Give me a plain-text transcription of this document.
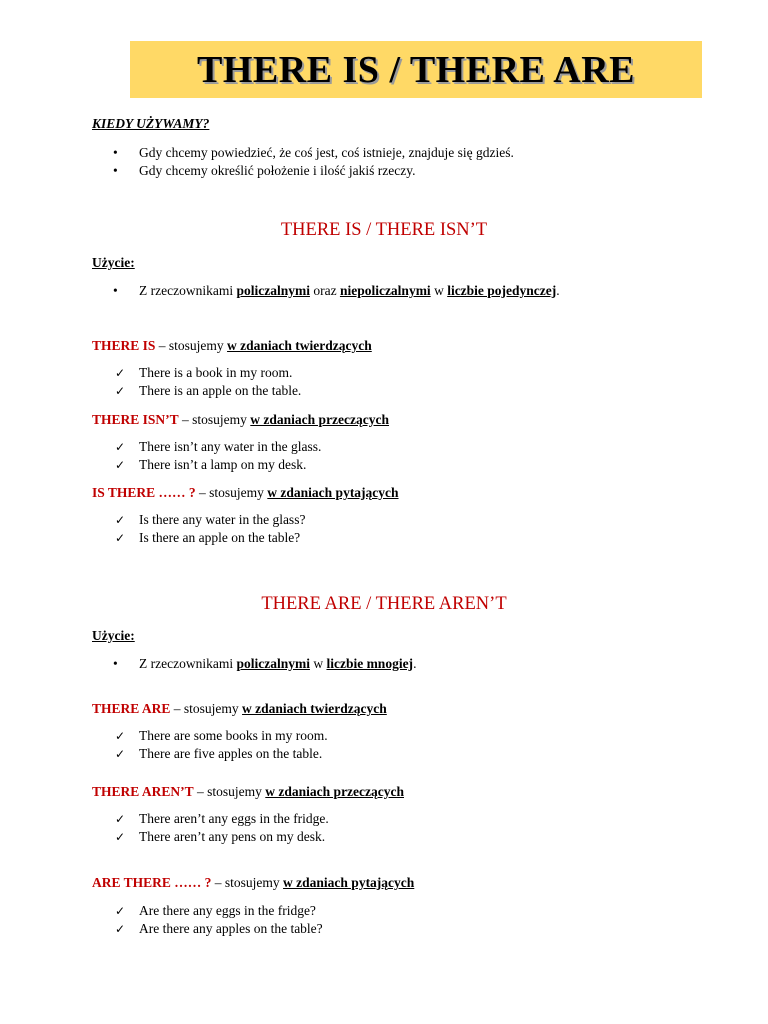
THERE IS / THERE ARE
KIEDY UŻYWAMY?
•Gdy chcemy powiedzieć, że coś jest, coś istnieje, znajduje się gdzieś.
•Gdy chcemy określić położenie i ilość jakiś rzeczy.
THERE IS / THERE ISN’T
Użycie:
•Z rzeczownikami policzalnymi oraz niepoliczalnymi w liczbie pojedynczej.
THERE IS – stosujemy w zdaniach twierdzących
✓ There is a book in my room.
✓ There is an apple on the table.
THERE ISN’T – stosujemy w zdaniach przeczących
✓ There isn’t any water in the glass.
✓ There isn’t a lamp on my desk.
IS THERE …… ? – stosujemy w zdaniach pytających
✓ Is there any water in the glass?
✓ Is there an apple on the table?
THERE ARE / THERE AREN’T
Użycie:
•Z rzeczownikami policzalnymi w liczbie mnogiej.
THERE ARE – stosujemy w zdaniach twierdzących
✓ There are some books in my room.
✓ There are five apples on the table.
THERE AREN’T – stosujemy w zdaniach przeczących
✓ There aren’t any eggs in the fridge.
✓ There aren’t any pens on my desk.
ARE THERE …… ? – stosujemy w zdaniach pytających
✓ Are there any eggs in the fridge?
✓ Are there any apples on the table?
